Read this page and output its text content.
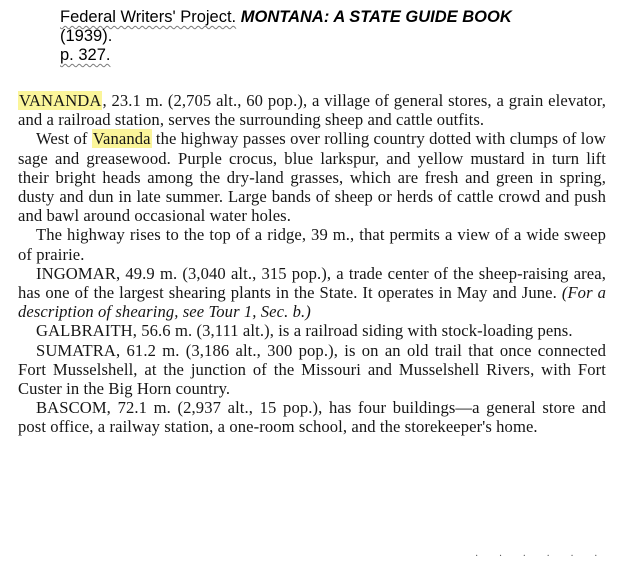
Federal Writers' Project. MONTANA: A STATE GUIDE BOOK
(1939).
p. 327.

VANANDA, 23.1 m. (2,705 alt., 60 pop.), a village of general stores, a grain elevator, and a railroad station, serves the surrounding sheep and cattle outfits.

West of Vananda the highway passes over rolling country dotted with clumps of low sage and greasewood. Purple crocus, blue larkspur, and yellow mustard in turn lift their bright heads among the dry-land grasses, which are fresh and green in spring, dusty and dun in late summer. Large bands of sheep or herds of cattle crowd and push and bawl around occasional water holes.

The highway rises to the top of a ridge, 39 m., that permits a view of a wide sweep of prairie.

INGOMAR, 49.9 m. (3,040 alt., 315 pop.), a trade center of the sheep-raising area, has one of the largest shearing plants in the State. It operates in May and June. (For a description of shearing, see Tour 1, Sec. b.)

GALBRAITH, 56.6 m. (3,111 alt.), is a railroad siding with stock-loading pens.

SUMATRA, 61.2 m. (3,186 alt., 300 pop.), is on an old trail that once connected Fort Musselshell, at the junction of the Missouri and Musselshell Rivers, with Fort Custer in the Big Horn country.

BASCOM, 72.1 m. (2,937 alt., 15 pop.), has four buildings—a general store and post office, a railway station, a one-room school, and the storekeeper's home.

· · · · · ·
